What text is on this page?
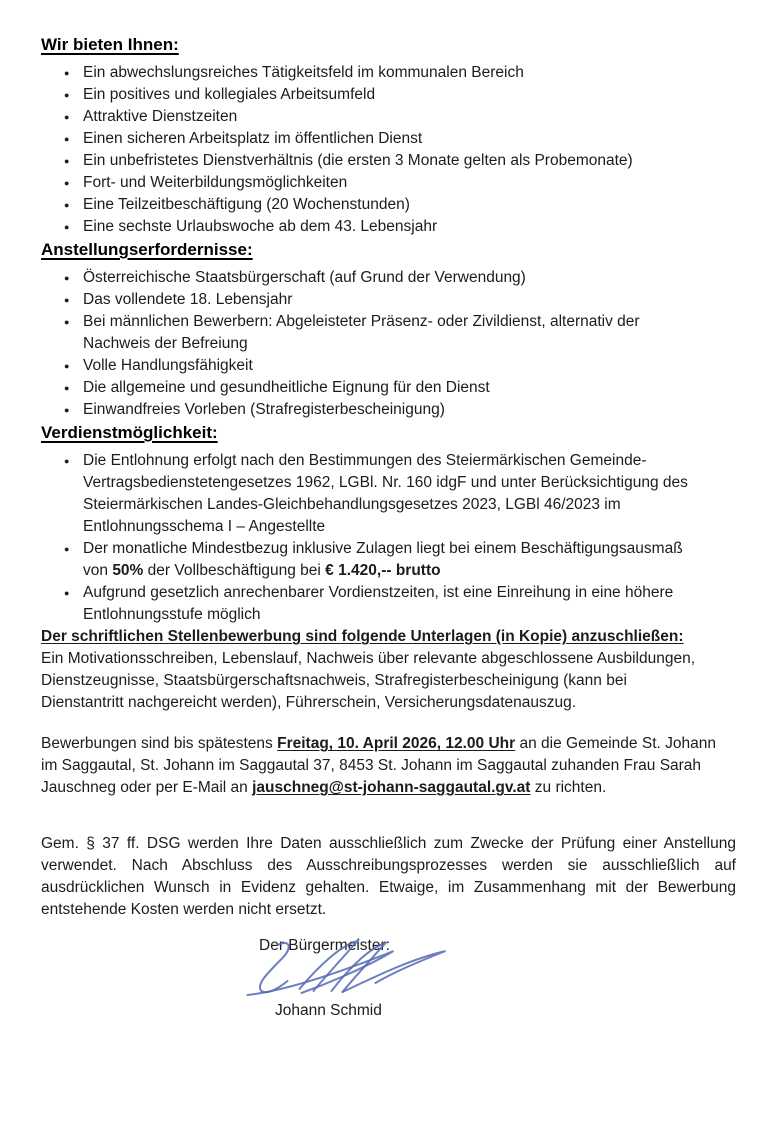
Wir bieten Ihnen:
● Ein abwechslungsreiches Tätigkeitsfeld im kommunalen Bereich
● Ein positives und kollegiales Arbeitsumfeld
● Attraktive Dienstzeiten
● Einen sicheren Arbeitsplatz im öffentlichen Dienst
● Ein unbefristetes Dienstverhältnis (die ersten 3 Monate gelten als Probemonate)
● Fort- und Weiterbildungsmöglichkeiten
● Eine Teilzeitbeschäftigung (20 Wochenstunden)
● Eine sechste Urlaubswoche ab dem 43. Lebensjahr
Anstellungserfordernisse:
● Österreichische Staatsbürgerschaft (auf Grund der Verwendung)
● Das vollendete 18. Lebensjahr
● Bei männlichen Bewerbern: Abgeleisteter Präsenz- oder Zivildienst, alternativ der
Nachweis der Befreiung
● Volle Handlungsfähigkeit
● Die allgemeine und gesundheitliche Eignung für den Dienst
● Einwandfreies Vorleben (Strafregisterbescheinigung)
Verdienstmöglichkeit:
● Die Entlohnung erfolgt nach den Bestimmungen des Steiermärkischen Gemeinde-
Vertragsbedienstetengesetzes 1962, LGBl. Nr. 160 idgF und unter Berücksichtigung des
Steiermärkischen Landes-Gleichbehandlungsgesetzes 2023, LGBl 46/2023 im
Entlohnungsschema I – Angestellte
● Der monatliche Mindestbezug inklusive Zulagen liegt bei einem Beschäftigungsausmaß
von 50% der Vollbeschäftigung bei € 1.420,-- brutto
● Aufgrund gesetzlich anrechenbarer Vordienstzeiten, ist eine Einreihung in eine höhere
Entlohnungsstufe möglich
Der schriftlichen Stellenbewerbung sind folgende Unterlagen (in Kopie) anzuschließen:
Ein Motivationsschreiben, Lebenslauf, Nachweis über relevante abgeschlossene Ausbildungen,
Dienstzeugnisse, Staatsbürgerschaftsnachweis, Strafregisterbescheinigung (kann bei
Dienstantritt nachgereicht werden), Führerschein, Versicherungsdatenauszug.
Bewerbungen sind bis spätestens Freitag, 10. April 2026, 12.00 Uhr an die Gemeinde St. Johann
im Saggautal, St. Johann im Saggautal 37, 8453 St. Johann im Saggautal zuhanden Frau Sarah
Jauschneg oder per E-Mail an jauschneg@st-johann-saggautal.gv.at zu richten.
Gem. § 37 ff. DSG werden Ihre Daten ausschließlich zum Zwecke der Prüfung einer Anstellung
verwendet. Nach Abschluss des Ausschreibungsprozesses werden sie ausschließlich auf
ausdrücklichen Wunsch in Evidenz gehalten. Etwaige, im Zusammenhang mit der Bewerbung
entstehende Kosten werden nicht ersetzt.
Der Bürgermeister:
Johann Schmid
